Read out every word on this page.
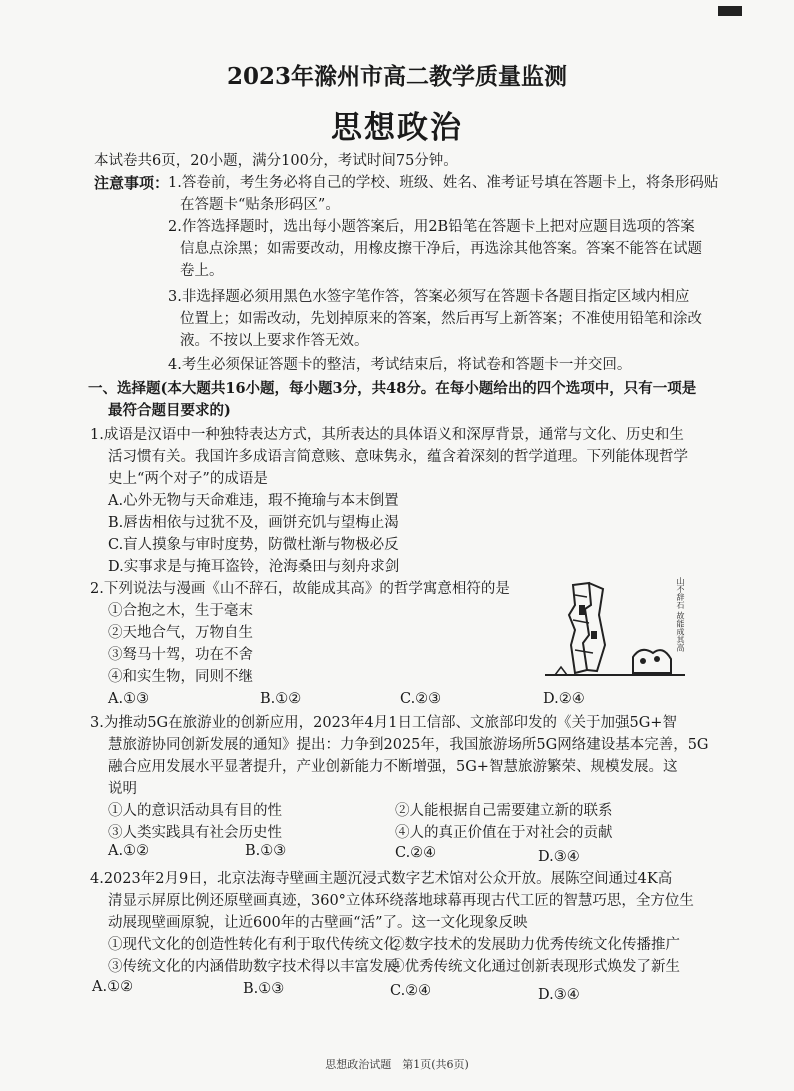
2023年滁州市高二教学质量监测
思想政治
本试卷共6页，20小题，满分100分，考试时间75分钟。
注意事项：
1.答卷前，考生务必将自己的学校、班级、姓名、准考证号填在答题卡上，将条形码贴
在答题卡“贴条形码区”。
2.作答选择题时，选出每小题答案后，用2B铅笔在答题卡上把对应题目选项的答案
信息点涂黑；如需要改动，用橡皮擦干净后，再选涂其他答案。答案不能答在试题
卷上。
3.非选择题必须用黑色水签字笔作答，答案必须写在答题卡各题目指定区域内相应
位置上；如需改动，先划掉原来的答案，然后再写上新答案；不准使用铅笔和涂改
液。不按以上要求作答无效。
4.考生必须保证答题卡的整洁，考试结束后，将试卷和答题卡一并交回。
一、选择题(本大题共16小题，每小题3分，共48分。在每小题给出的四个选项中，只有一项是
最符合题目要求的)
1.成语是汉语中一种独特表达方式，其所表达的具体语义和深厚背景，通常与文化、历史和生
活习惯有关。我国许多成语言简意赅、意味隽永，蕴含着深刻的哲学道理。下列能体现哲学
史上“两个对子”的成语是
A.心外无物与天命难违，瑕不掩瑜与本末倒置
B.唇齿相依与过犹不及，画饼充饥与望梅止渴
C.盲人摸象与审时度势，防微杜渐与物极必反
D.实事求是与掩耳盗铃，沧海桑田与刻舟求剑
2.下列说法与漫画《山不辞石，故能成其高》的哲学寓意相符的是
①合抱之木，生于毫末
②天地合气，万物自生
③驽马十驾，功在不舍
④和实生物，同则不继
A.①③	B.①②	C.②③	D.②④
山不辞石 故能成其高
3.为推动5G在旅游业的创新应用，2023年4月1日工信部、文旅部印发的《关于加强5G+智
慧旅游协同创新发展的通知》提出：力争到2025年，我国旅游场所5G网络建设基本完善，5G
融合应用发展水平显著提升，产业创新能力不断增强，5G+智慧旅游繁荣、规模发展。这
说明
①人的意识活动具有目的性	②人能根据自己需要建立新的联系
③人类实践具有社会历史性	④人的真正价值在于对社会的贡献
A.①②	B.①③	C.②④	D.③④
4.2023年2月9日，北京法海寺壁画主题沉浸式数字艺术馆对公众开放。展陈空间通过4K高
清显示屏原比例还原壁画真迹，360°立体环绕落地球幕再现古代工匠的智慧巧思，全方位生
动展现壁画原貌，让近600年的古壁画“活”了。这一文化现象反映
①现代文化的创造性转化有利于取代传统文化
②数字技术的发展助力优秀传统文化传播推广
③传统文化的内涵借助数字技术得以丰富发展
④优秀传统文化通过创新表现形式焕发了新生
A.①②	B.①③	C.②④	D.③④
思想政治试题　第1页(共6页)
